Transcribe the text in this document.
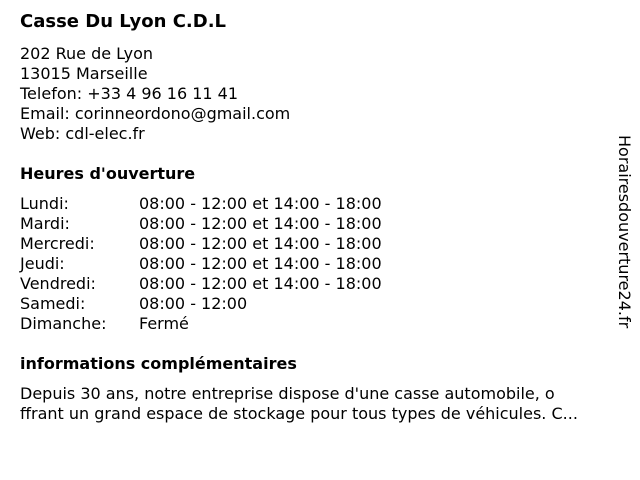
Casse Du Lyon C.D.L
202 Rue de Lyon
13015 Marseille
Telefon: +33 4 96 16 11 41
Email: corinneordono@gmail.com
Web: cdl-elec.fr
Heures d'ouverture
Lundi:	08:00 - 12:00 et 14:00 - 18:00
Mardi:	08:00 - 12:00 et 14:00 - 18:00
Mercredi:	08:00 - 12:00 et 14:00 - 18:00
Jeudi:	08:00 - 12:00 et 14:00 - 18:00
Vendredi:	08:00 - 12:00 et 14:00 - 18:00
Samedi:	08:00 - 12:00
Dimanche: Fermé
informations complémentaires
Depuis 30 ans, notre entreprise dispose d'une casse automobile, o
ffrant un grand espace de stockage pour tous types de véhicules. C...
Horairesdouverture24.fr
